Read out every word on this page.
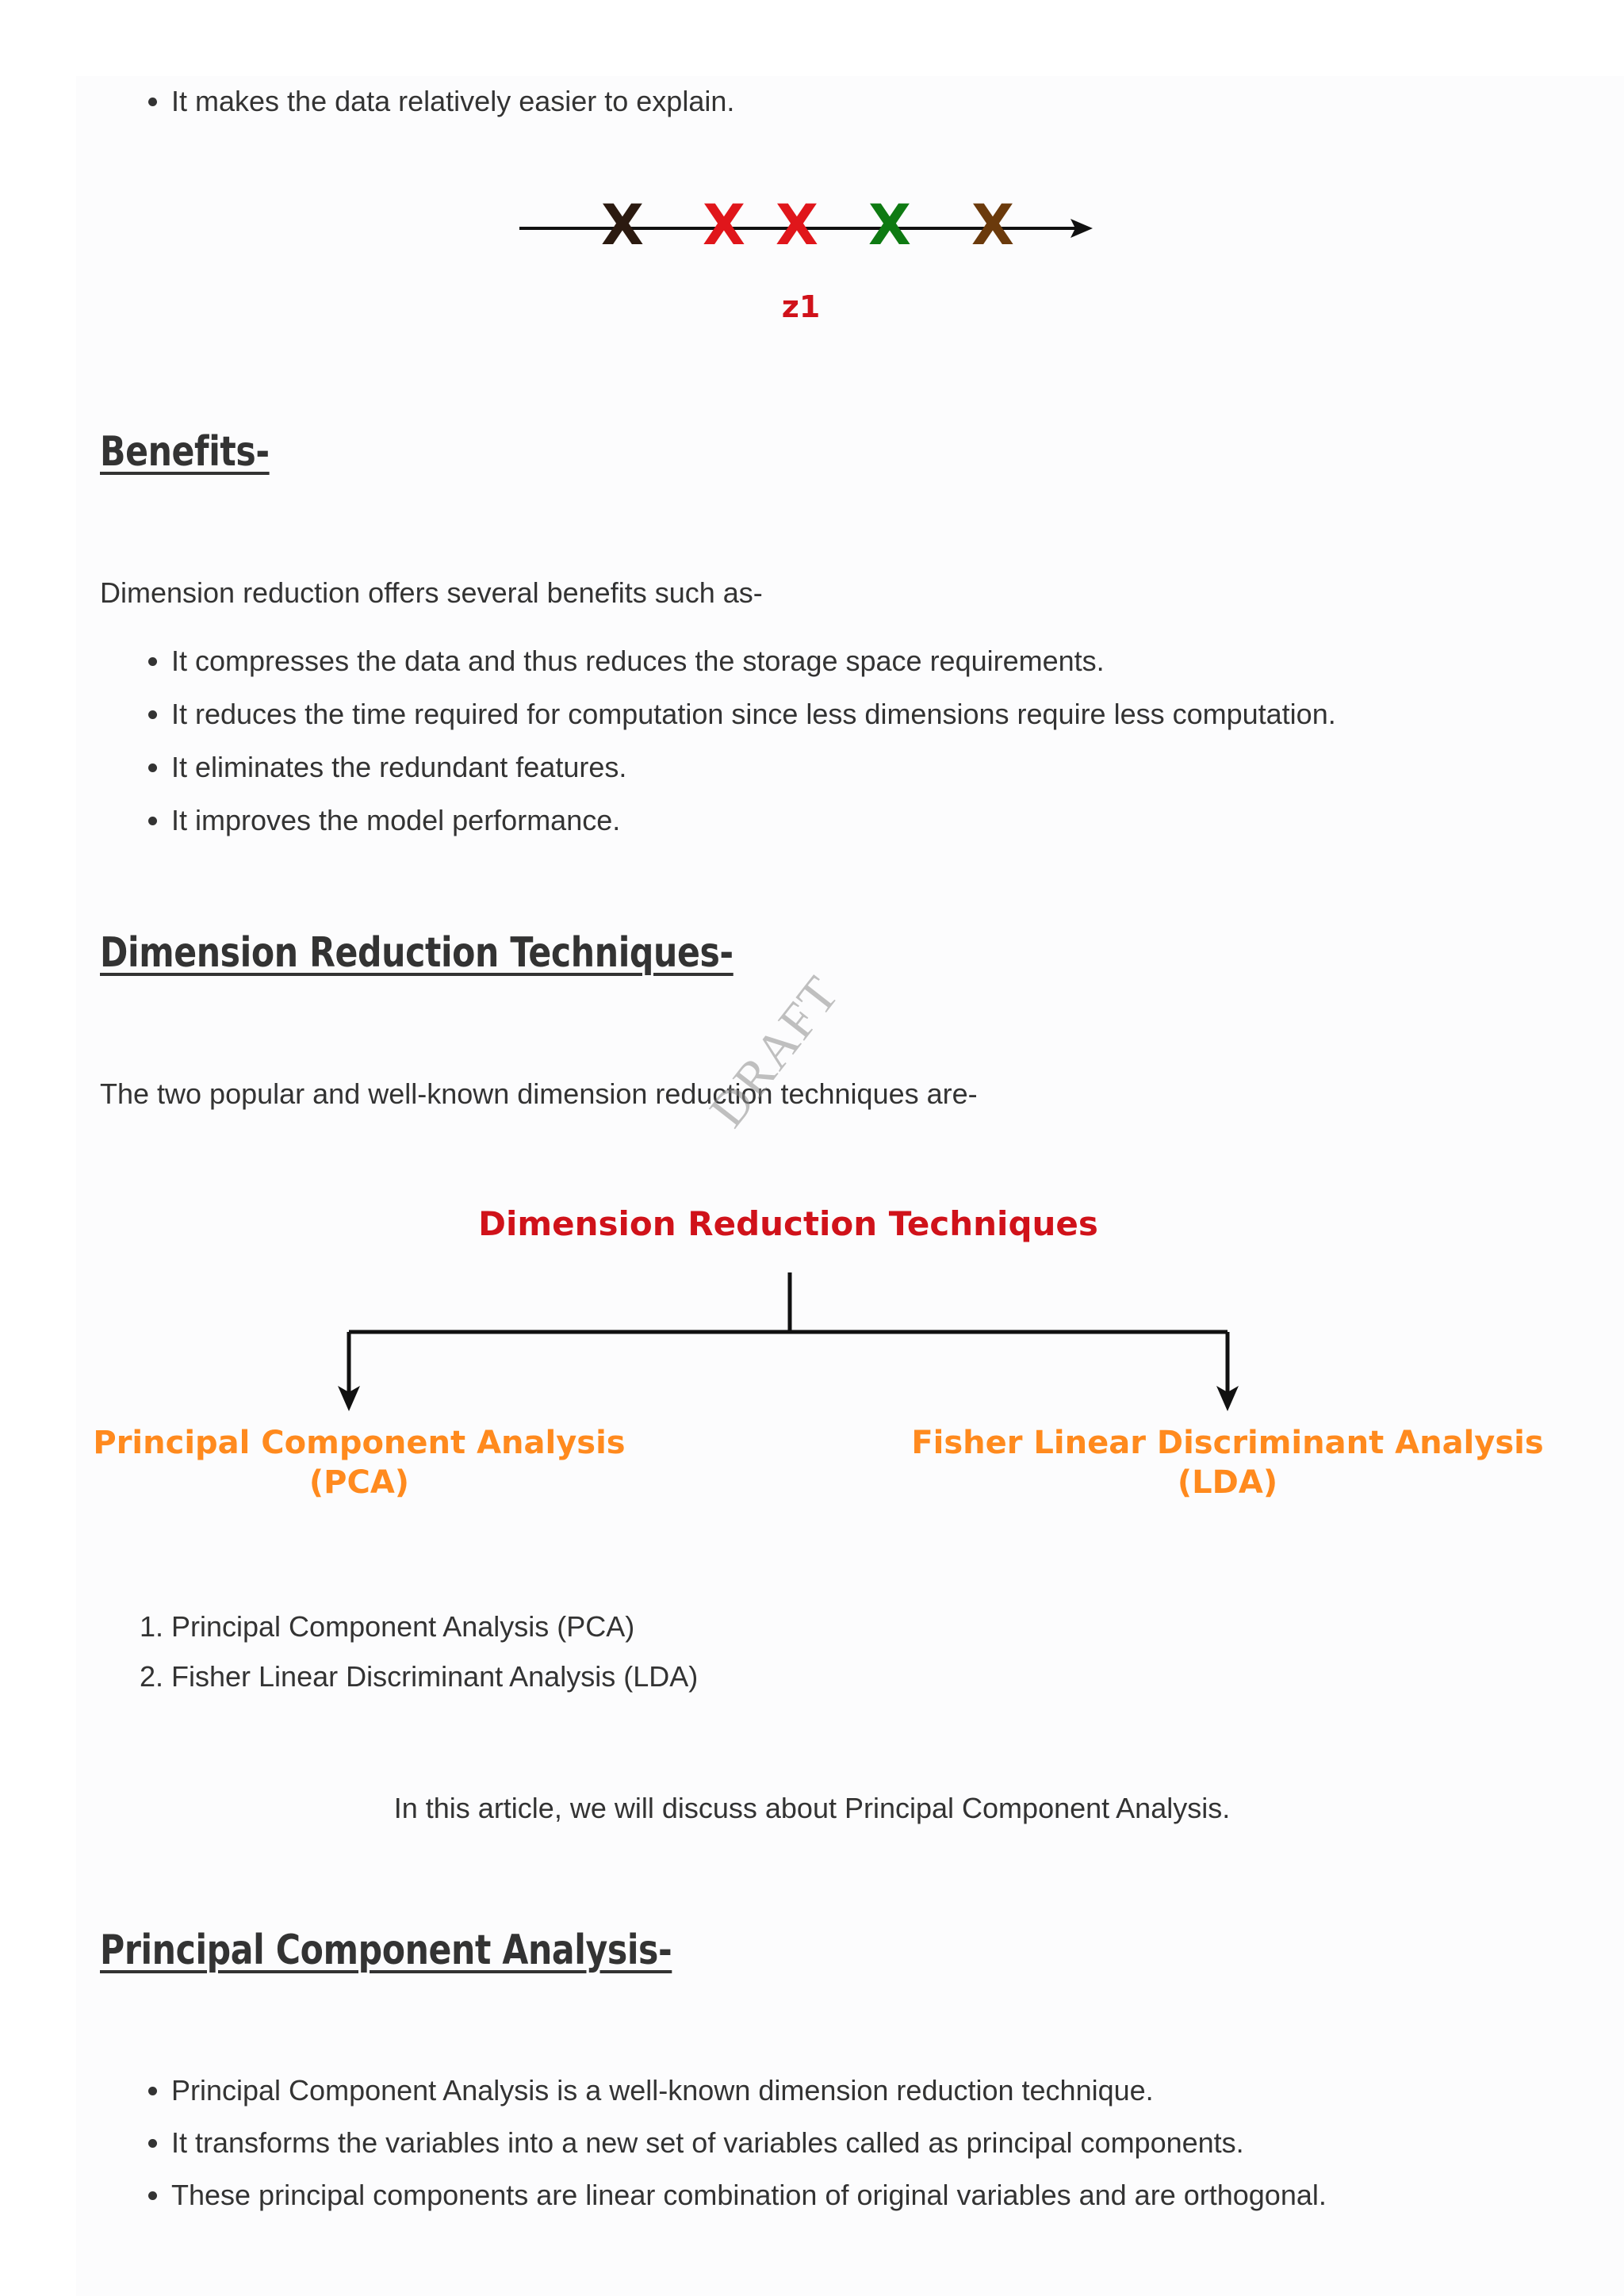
• It makes the data relatively easier to explain.
X X X X X
z1
Benefits-

Dimension reduction offers several benefits such as-

• It compresses the data and thus reduces the storage space requirements.
• It reduces the time required for computation since less dimensions require less computation.
• It eliminates the redundant features.
• It improves the model performance.
Dimension Reduction Techniques-

The two popular and well-known dimension reduction techniques are-

Dimension Reduction Techniques
Principal Component Analysis
(PCA)
Fisher Linear Discriminant Analysis
(LDA)
1. Principal Component Analysis (PCA)
2. Fisher Linear Discriminant Analysis (LDA)

In this article, we will discuss about Principal Component Analysis.

Principal Component Analysis-
• Principal Component Analysis is a well-known dimension reduction technique.
• It transforms the variables into a new set of variables called as principal components.
• These principal components are linear combination of original variables and are orthogonal.
DRAFT
